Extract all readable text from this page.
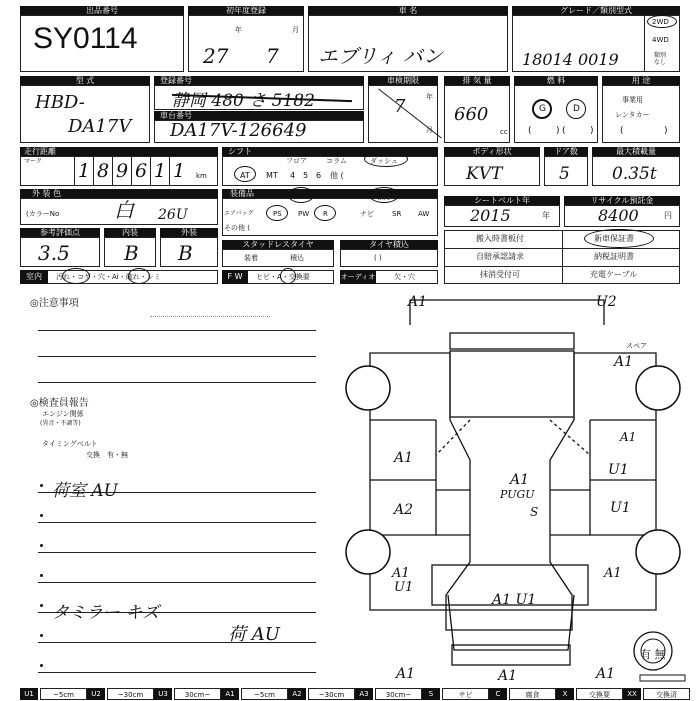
出品番号
SY0114
初年度登録
年	月
27 7
車 名
エブリィ バン
グレード／類別型式
2WD
4WD
類別
なし
18014 0019
型 式
HBD-
DA17V
登録番号
静岡 480 さ 5182
車台番号
DA17V-126649
車検期限
年
月
7
排 気 量
660
cc
燃 料
G	D
(	) (	)
用 途
事業用
レンタカー
(	)
走行距離
マーク 1 8 9 6 1 1	km
シフト
フロア	コラム	ダッシュ
AT MT 4 5 6 他 (
ボディ形状
KVT
ドア数
5
最大積載量
0.35t
外 装 色
白
(カラーNo	26U
装備品	AC	クーラー	無し
エアバッグ	PS PW R	ナビ	SR AW
その他 (
シートベルト年
2015	年
リサイクル預託金
8400	円
参考評価点	内装	外装
3.5	B B	スタッドレスタイヤ
装着	積込
タイヤ積込
( )
搬入時書板付	新車保証書
自賠承認請求	納税証明書
抹消受付可	充電ケーブル
室内	汚れ・コゲ・穴・Ai・破れ・シミ	F W	ヒビ・A・交換要	オーディオ	欠・穴
◎注意事項
◎検査員報告
エンジン関係
(異音・不調等)
タイミングベルト
交換　有・無
荷室 AU
タミラー キズ
荷 AU
スペア
有 無
A1	U2
A1
A1
A1
U1
A1
PUGU
S
A2	U1
A1
U1
A1
A1 U1
A1	A1	A1
U1	~5cm	U2	~30cm	U3	30cm~	A1	~5cm	A2	~30cm	A3	30cm~	S	サビ	C	腐食	X	交換要	XX	交換済
